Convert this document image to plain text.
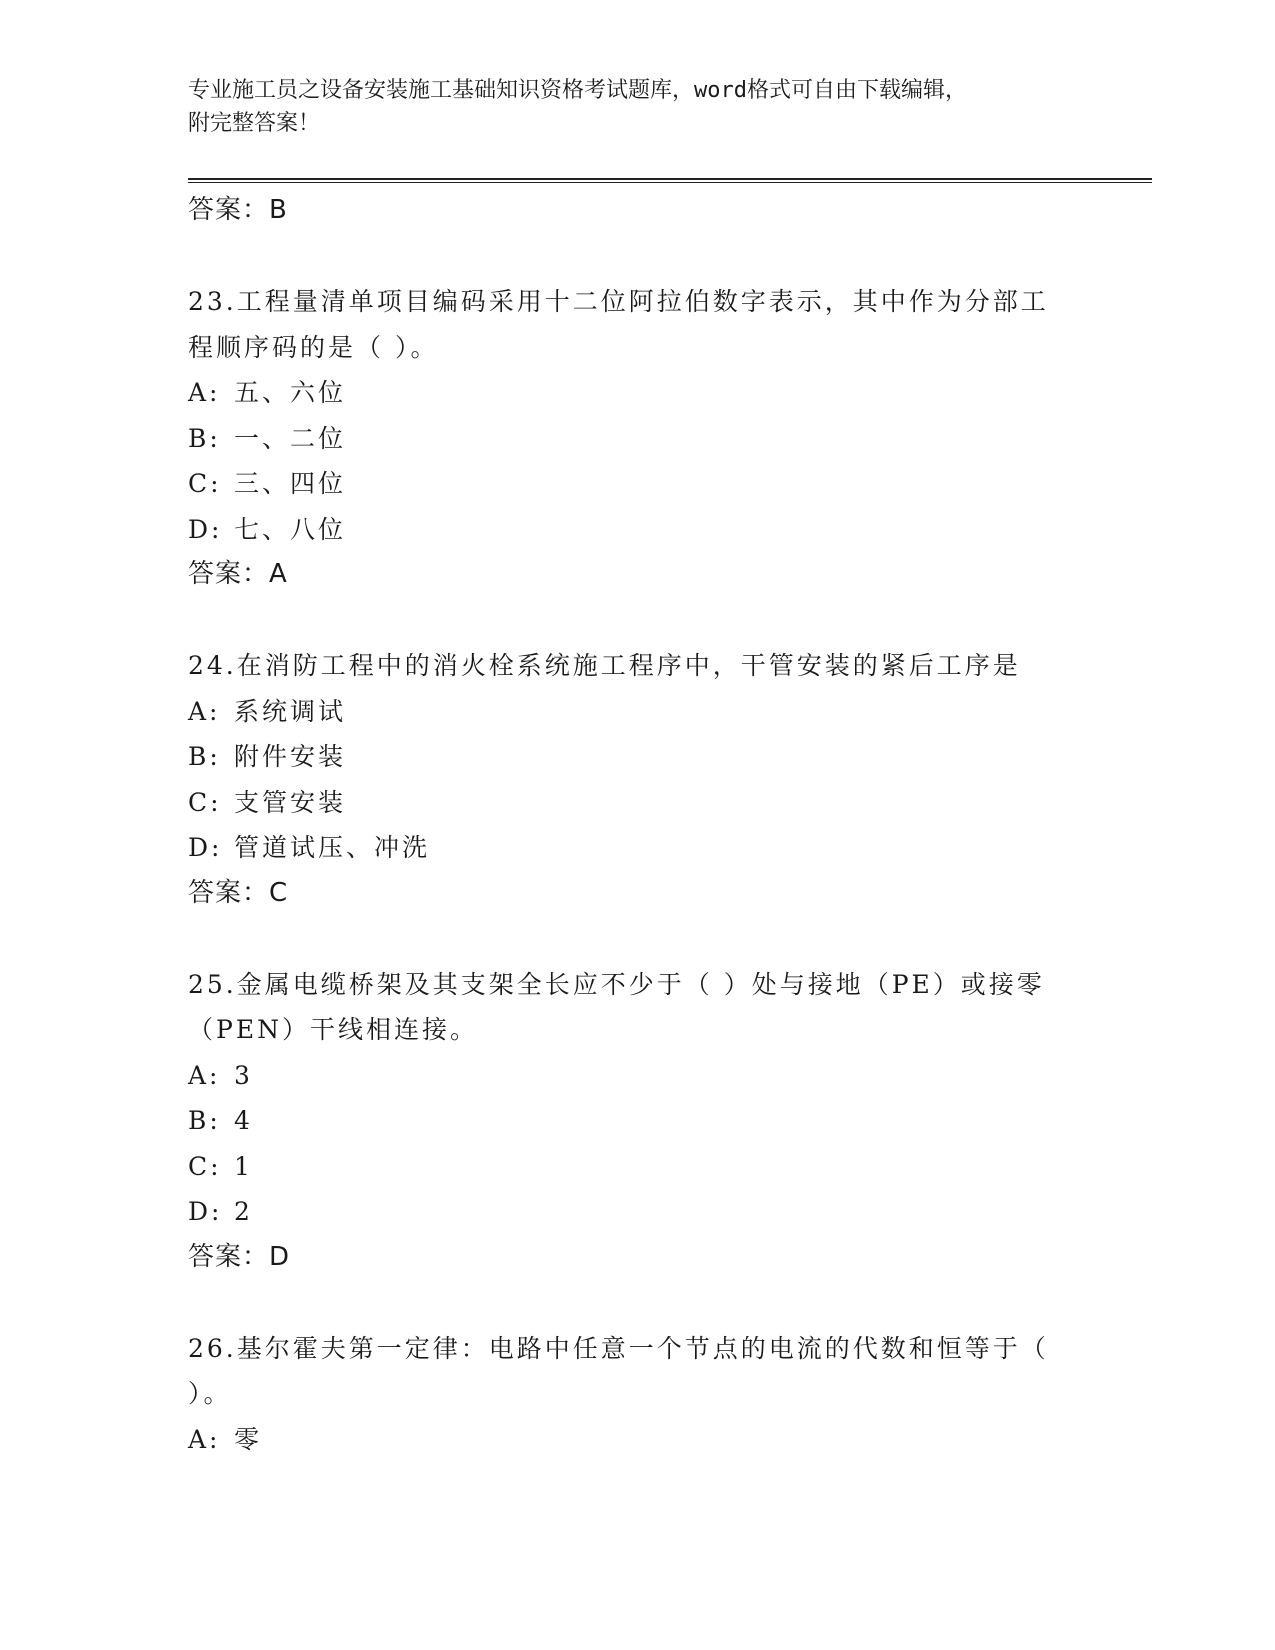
专业施工员之设备安装施工基础知识资格考试题库，word格式可自由下载编辑，
附完整答案！
答案：B
23.工程量清单项目编码采用十二位阿拉伯数字表示，其中作为分部工
程顺序码的是（ ）。
A: 五、六位
B: 一、二位
C: 三、四位
D: 七、八位
答案：A
24.在消防工程中的消火栓系统施工程序中，干管安装的紧后工序是
A: 系统调试
B: 附件安装
C: 支管安装
D: 管道试压、冲洗
答案：C
25.金属电缆桥架及其支架全长应不少于（ ）处与接地（PE）或接零
（PEN）干线相连接。
A: 3
B: 4
C: 1
D: 2
答案：D
26.基尔霍夫第一定律：电路中任意一个节点的电流的代数和恒等于（
）。
A: 零
